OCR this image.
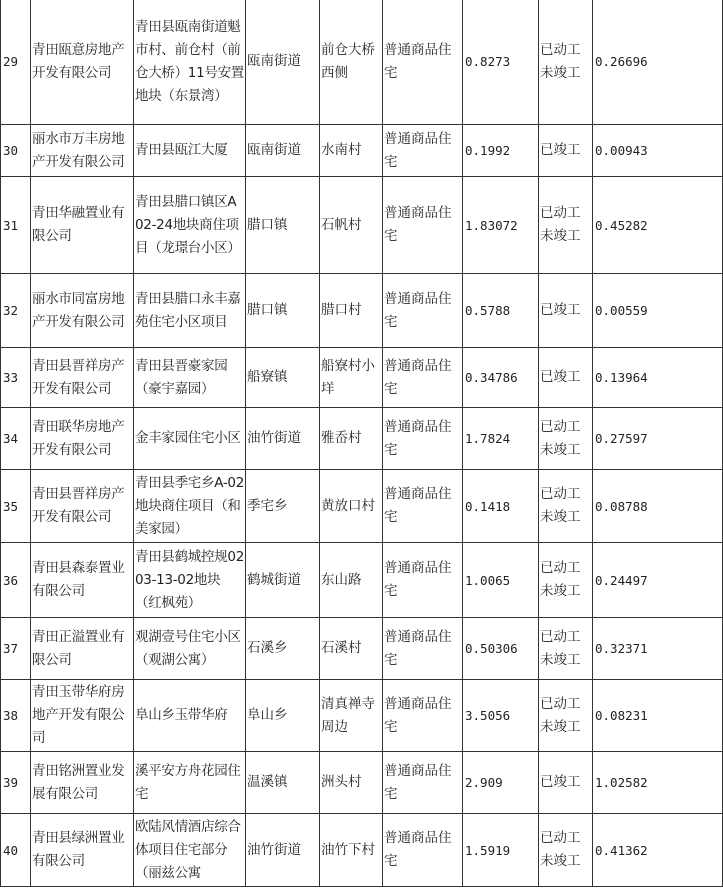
29	青田瓯意房地产开发有限公司	青田县瓯南街道魁市村、前仓村（前仓大桥）11号安置地块（东景湾）	瓯南街道	前仓大桥西侧	普通商品住宅	0.8273	已动工未竣工	0.26696
30	丽水市万丰房地产开发有限公司	青田县瓯江大厦	瓯南街道	水南村	普通商品住宅	0.1992	已竣工	0.00943
31	青田华融置业有限公司	青田县腊口镇区A02-24地块商住项目（龙璟台小区）	腊口镇	石帆村	普通商品住宅	1.83072	已动工未竣工	0.45282
32	丽水市同富房地产开发有限公司	青田县腊口永丰嘉苑住宅小区项目	腊口镇	腊口村	普通商品住宅	0.5788	已竣工	0.00559
33	青田县晋祥房产开发有限公司	青田县晋豪家园（豪宇嘉园）	船寮镇	船寮村小垟	普通商品住宅	0.34786	已竣工	0.13964
34	青田联华房地产开发有限公司	金丰家园住宅小区	油竹街道	雅岙村	普通商品住宅	1.7824	已动工未竣工	0.27597
35	青田县晋祥房产开发有限公司	青田县季宅乡A-02地块商住项目（和美家园）	季宅乡	黄放口村	普通商品住宅	0.1418	已动工未竣工	0.08788
36	青田县森泰置业有限公司	青田县鹤城控规0203-13-02地块（红枫苑）	鹤城街道	东山路	普通商品住宅	1.0065	已动工未竣工	0.24497
37	青田正溢置业有限公司	观湖壹号住宅小区（观湖公寓）	石溪乡	石溪村	普通商品住宅	0.50306	已动工未竣工	0.32371
38	青田玉带华府房地产开发有限公司	阜山乡玉带华府	阜山乡	清真禅寺周边	普通商品住宅	3.5056	已动工未竣工	0.08231
39	青田铭洲置业发展有限公司	溪平安方舟花园住宅	温溪镇	洲头村	普通商品住宅	2.909	已竣工	1.02582
40	青田县绿洲置业有限公司	欧陆风情酒店综合体项目住宅部分（丽兹公寓	油竹街道	油竹下村	普通商品住宅	1.5919	已动工未竣工	0.41362
